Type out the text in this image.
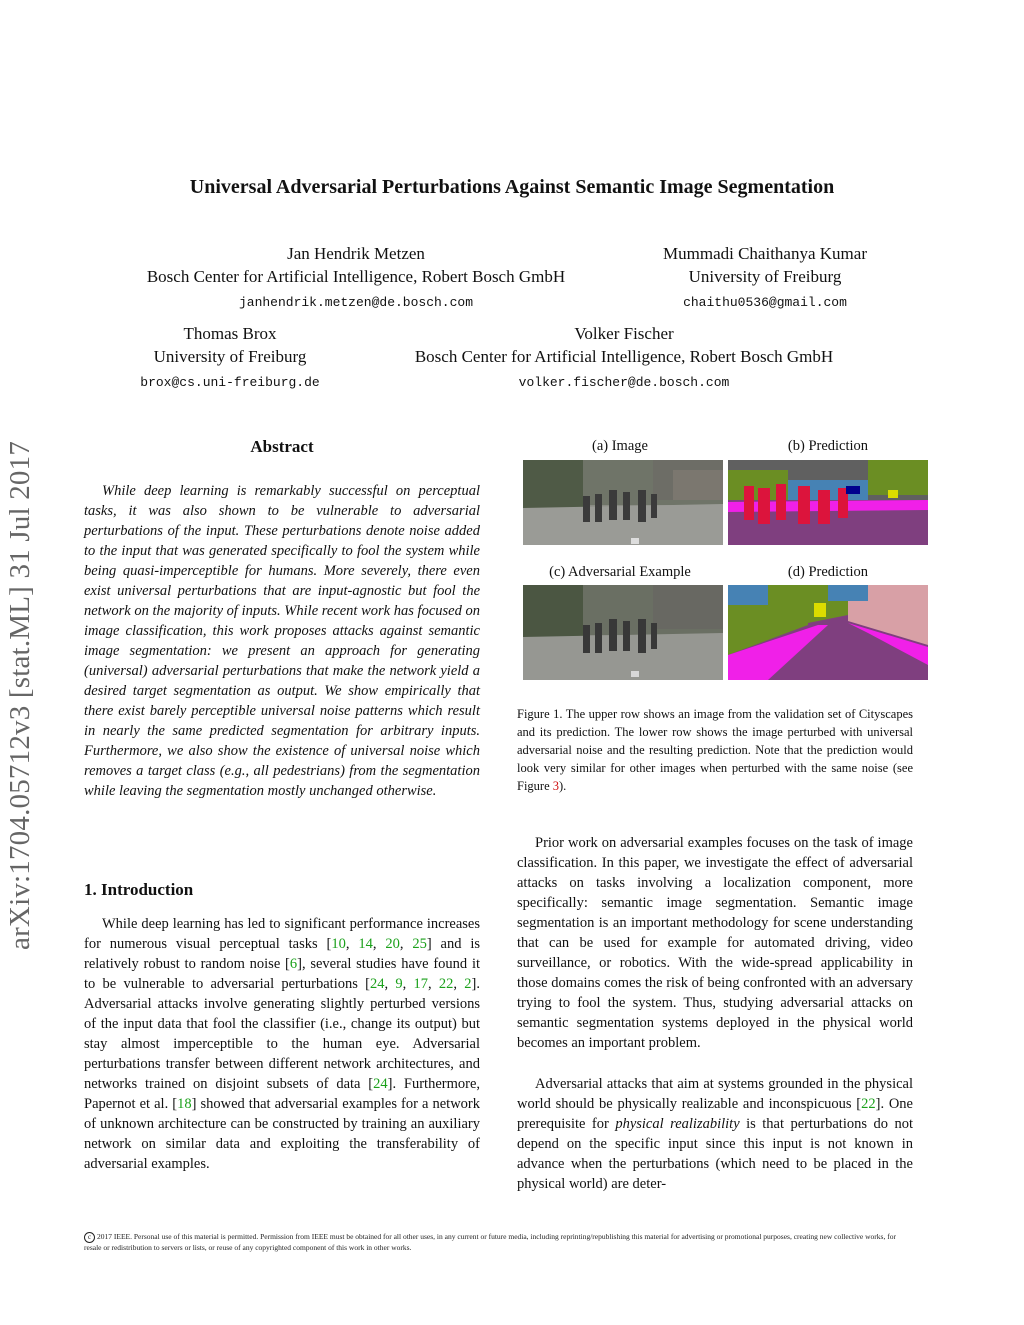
arXiv:1704.05712v3 [stat.ML] 31 Jul 2017
Universal Adversarial Perturbations Against Semantic Image Segmentation
Jan Hendrik Metzen
Bosch Center for Artificial Intelligence, Robert Bosch GmbH
janhendrik.metzen@de.bosch.com
Mummadi Chaithanya Kumar
University of Freiburg
chaithu0536@gmail.com
Thomas Brox
University of Freiburg
brox@cs.uni-freiburg.de
Volker Fischer
Bosch Center for Artificial Intelligence, Robert Bosch GmbH
volker.fischer@de.bosch.com
Abstract

While deep learning is remarkably successful on perceptual tasks, it was also shown to be vulnerable to adversarial perturbations of the input. These perturbations denote noise added to the input that was generated specifically to fool the system while being quasi-imperceptible for humans. More severely, there even exist universal perturbations that are input-agnostic but fool the network on the majority of inputs. While recent work has focused on image classification, this work proposes attacks against semantic image segmentation: we present an approach for generating (universal) adversarial perturbations that make the network yield a desired target segmentation as output. We show empirically that there exist barely perceptible universal noise patterns which result in nearly the same predicted segmentation for arbitrary inputs. Furthermore, we also show the existence of universal noise which removes a target class (e.g., all pedestrians) from the segmentation while leaving the segmentation mostly unchanged otherwise.

1. Introduction

While deep learning has led to significant performance increases for numerous visual perceptual tasks [10, 14, 20, 25] and is relatively robust to random noise [6], several studies have found it to be vulnerable to adversarial perturbations [24, 9, 17, 22, 2]. Adversarial attacks involve generating slightly perturbed versions of the input data that fool the classifier (i.e., change its output) but stay almost imperceptible to the human eye. Adversarial perturbations transfer between different network architectures, and networks trained on disjoint subsets of data [24]. Furthermore, Papernot et al. [18] showed that adversarial examples for a network of unknown architecture can be constructed by training an auxiliary network on similar data and exploiting the transferability of adversarial examples.

(a) Image	(b) Prediction
(c) Adversarial Example	(d) Prediction

Figure 1. The upper row shows an image from the validation set of Cityscapes and its prediction. The lower row shows the image perturbed with universal adversarial noise and the resulting prediction. Note that the prediction would look very similar for other images when perturbed with the same noise (see Figure 3).

Prior work on adversarial examples focuses on the task of image classification. In this paper, we investigate the effect of adversarial attacks on tasks involving a localization component, more specifically: semantic image segmentation. Semantic image segmentation is an important methodology for scene understanding that can be used for example for automated driving, video surveillance, or robotics. With the wide-spread applicability in those domains comes the risk of being confronted with an adversary trying to fool the system. Thus, studying adversarial attacks on semantic segmentation systems deployed in the physical world becomes an important problem.

Adversarial attacks that aim at systems grounded in the physical world should be physically realizable and inconspicuous [22]. One prerequisite for physical realizability is that perturbations do not depend on the specific input since this input is not known in advance when the perturbations (which need to be placed in the physical world) are deter-

c 2017 IEEE. Personal use of this material is permitted. Permission from IEEE must be obtained for all other uses, in any current or future media, including reprinting/republishing this material for advertising or promotional purposes, creating new collective works, for resale or redistribution to servers or lists, or reuse of any copyrighted component of this work in other works.
